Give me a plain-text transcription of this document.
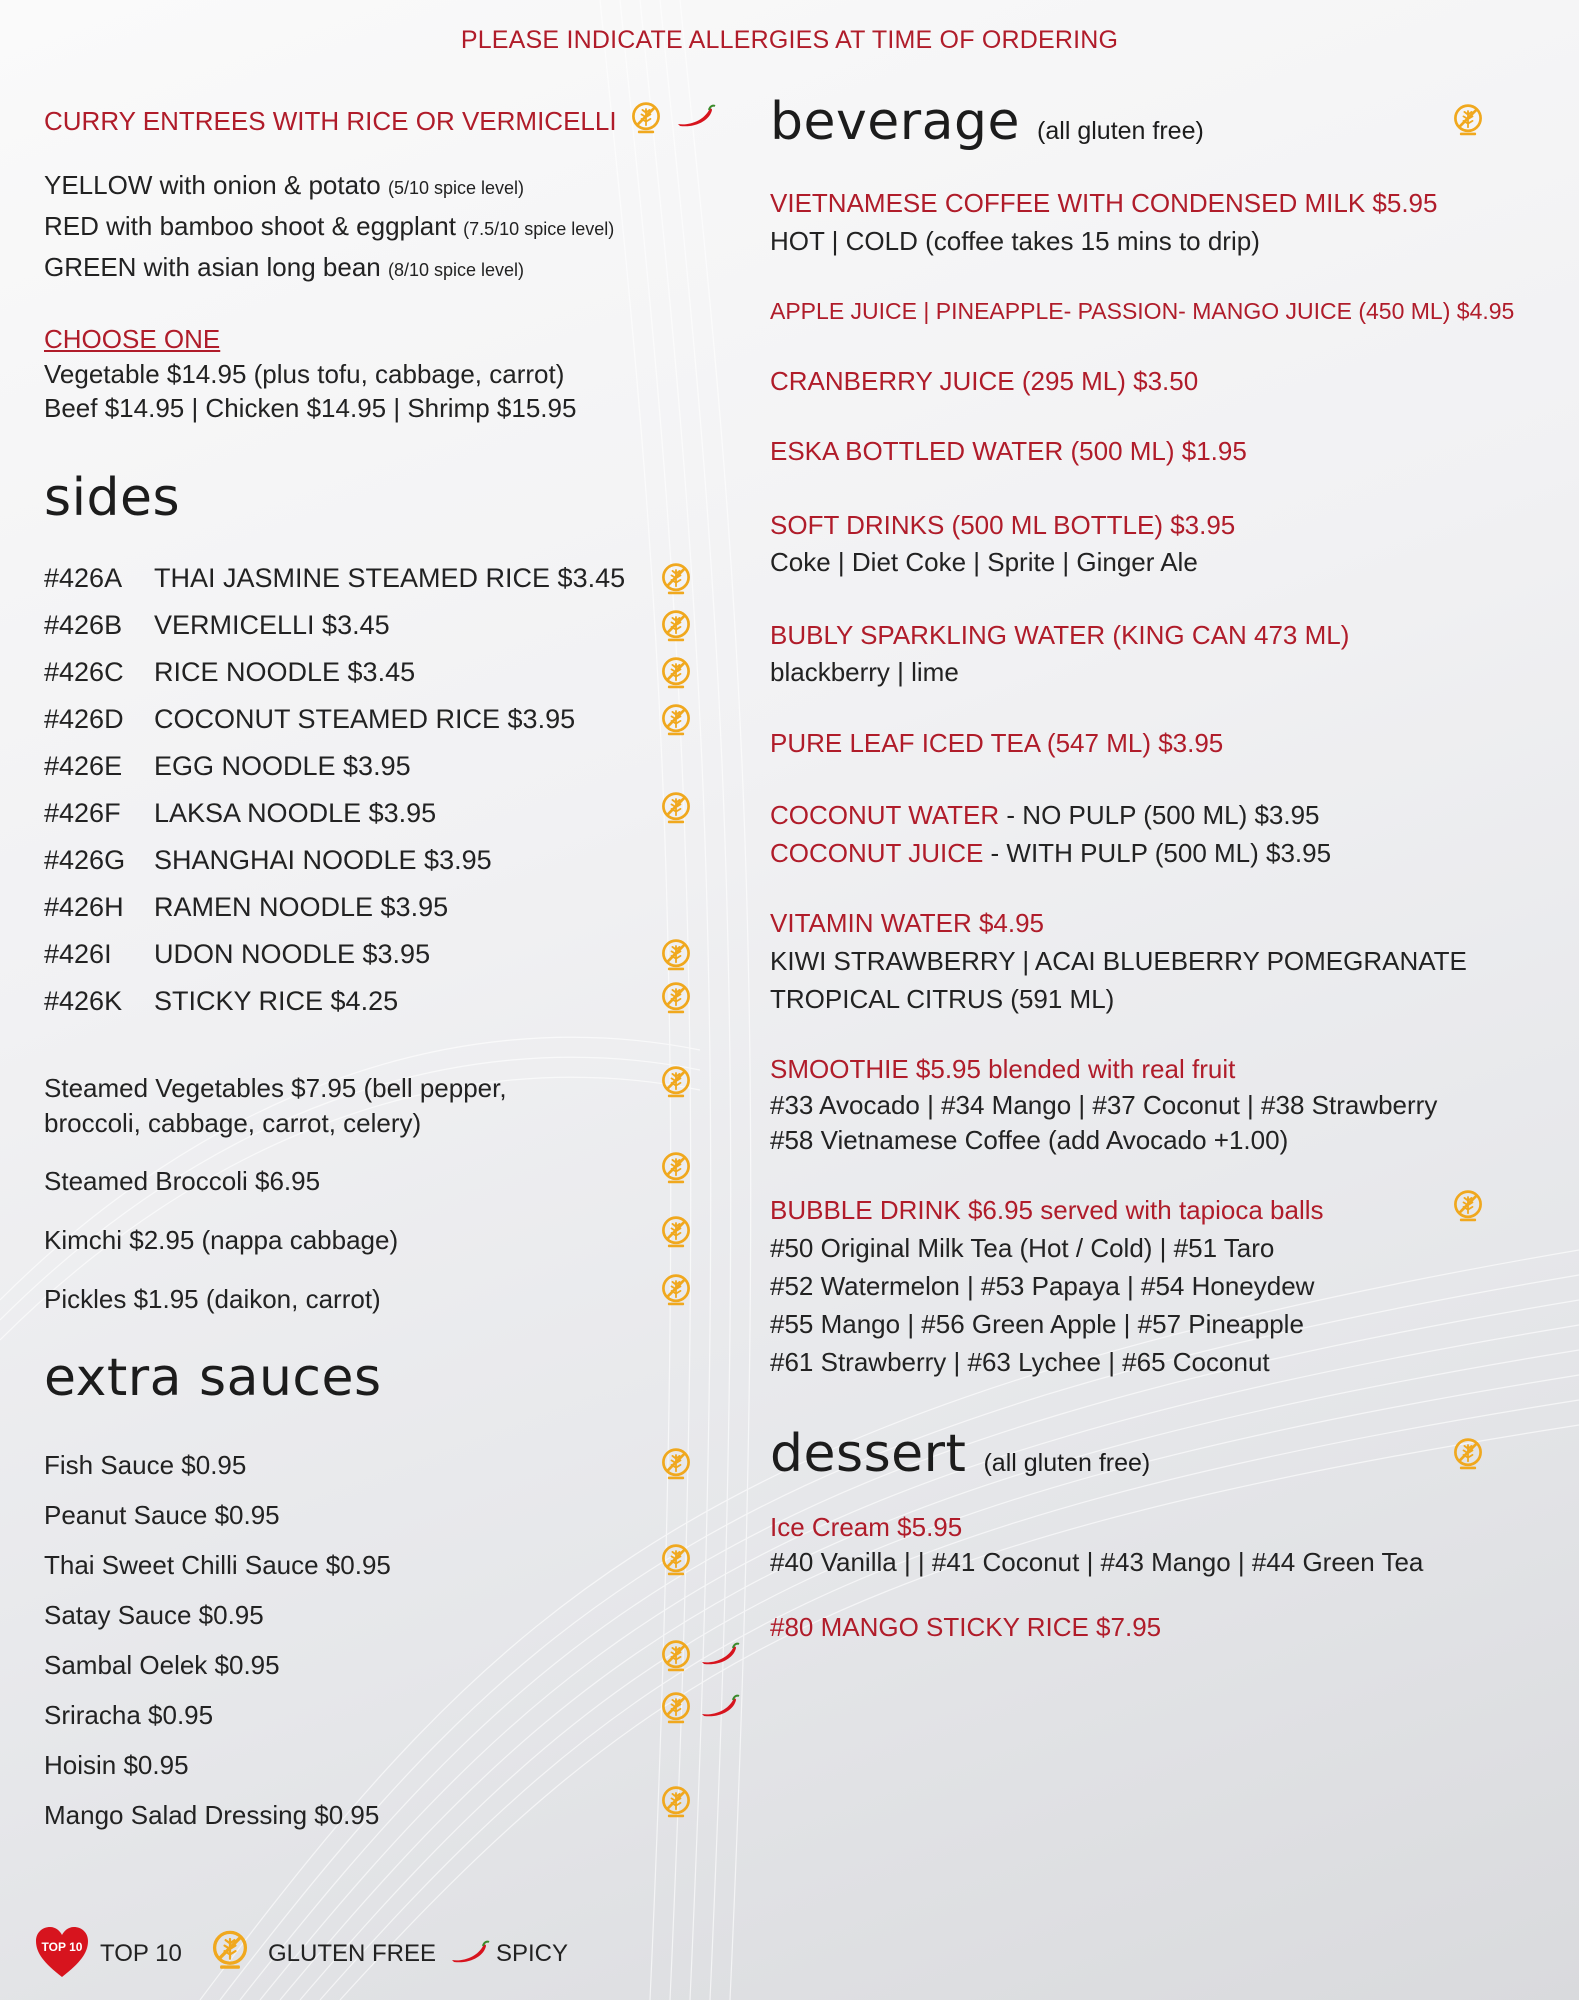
PLEASE INDICATE ALLERGIES AT TIME OF ORDERING
CURRY ENTREES WITH RICE OR VERMICELLI
YELLOW with onion & potato (5/10 spice level)
RED with bamboo shoot & eggplant (7.5/10 spice level)
GREEN with asian long bean (8/10 spice level)
CHOOSE ONE
Vegetable $14.95 (plus tofu, cabbage, carrot)
Beef $14.95 | Chicken $14.95 | Shrimp $15.95
sides
#426A THAI JASMINE STEAMED RICE $3.45
#426B VERMICELLI $3.45
#426C RICE NOODLE $3.45
#426D COCONUT STEAMED RICE $3.95
#426E EGG NOODLE $3.95
#426F LAKSA NOODLE $3.95
#426G SHANGHAI NOODLE $3.95
#426H RAMEN NOODLE $3.95
#426I UDON NOODLE $3.95
#426K STICKY RICE $4.25
Steamed Vegetables $7.95 (bell pepper,
broccoli, cabbage, carrot, celery)
Steamed Broccoli $6.95
Kimchi $2.95 (nappa cabbage)
Pickles $1.95 (daikon, carrot)
extra sauces
Fish Sauce $0.95
Peanut Sauce $0.95
Thai Sweet Chilli Sauce $0.95
Satay Sauce $0.95
Sambal Oelek $0.95
Sriracha $0.95
Hoisin $0.95
Mango Salad Dressing $0.95
beverage (all gluten free)
VIETNAMESE COFFEE WITH CONDENSED MILK $5.95
HOT | COLD (coffee takes 15 mins to drip)
APPLE JUICE | PINEAPPLE- PASSION- MANGO JUICE (450 ML) $4.95
CRANBERRY JUICE (295 ML) $3.50
ESKA BOTTLED WATER (500 ML) $1.95
SOFT DRINKS (500 ML BOTTLE) $3.95
Coke | Diet Coke | Sprite | Ginger Ale
BUBLY SPARKLING WATER (KING CAN 473 ML)
blackberry | lime
PURE LEAF ICED TEA (547 ML) $3.95
COCONUT WATER - NO PULP (500 ML) $3.95
COCONUT JUICE - WITH PULP (500 ML) $3.95
VITAMIN WATER $4.95
KIWI STRAWBERRY | ACAI BLUEBERRY POMEGRANATE
TROPICAL CITRUS (591 ML)
SMOOTHIE $5.95 blended with real fruit
#33 Avocado | #34 Mango | #37 Coconut | #38 Strawberry
#58 Vietnamese Coffee (add Avocado +1.00)
BUBBLE DRINK $6.95 served with tapioca balls
#50 Original Milk Tea (Hot / Cold) | #51 Taro
#52 Watermelon | #53 Papaya | #54 Honeydew
#55 Mango | #56 Green Apple | #57 Pineapple
#61 Strawberry | #63 Lychee | #65 Coconut
dessert (all gluten free)
Ice Cream $5.95
#40 Vanilla | | #41 Coconut | #43 Mango | #44 Green Tea
#80 MANGO STICKY RICE $7.95
TOP 10 TOP 10	GLUTEN FREE SPICY
